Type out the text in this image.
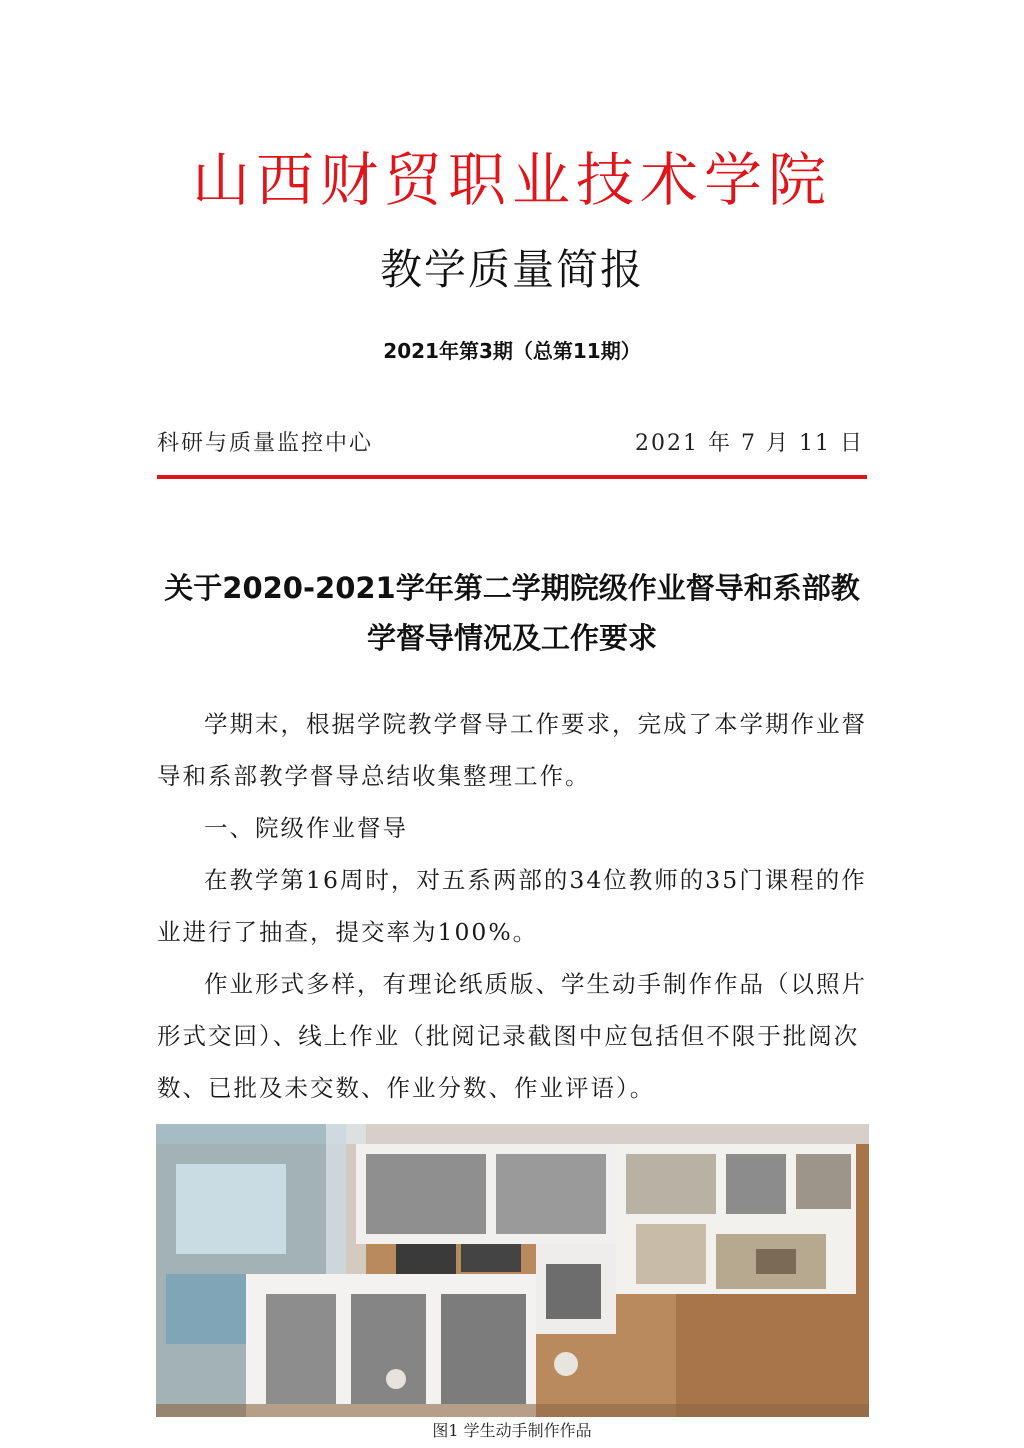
山西财贸职业技术学院
教学质量简报
2021年第3期（总第11期）
科研与质量监控中心	2021 年 7 月 11 日
关于2020-2021学年第二学期院级作业督导和系部教学督导情况及工作要求

学期末，根据学院教学督导工作要求，完成了本学期作业督导和系部教学督导总结收集整理工作。

一、院级作业督导

在教学第16周时，对五系两部的34位教师的35门课程的作业进行了抽查，提交率为100%。

作业形式多样，有理论纸质版、学生动手制作作品（以照片形式交回）、线上作业（批阅记录截图中应包括但不限于批阅次数、已批及未交数、作业分数、作业评语）。

图1 学生动手制作作品
